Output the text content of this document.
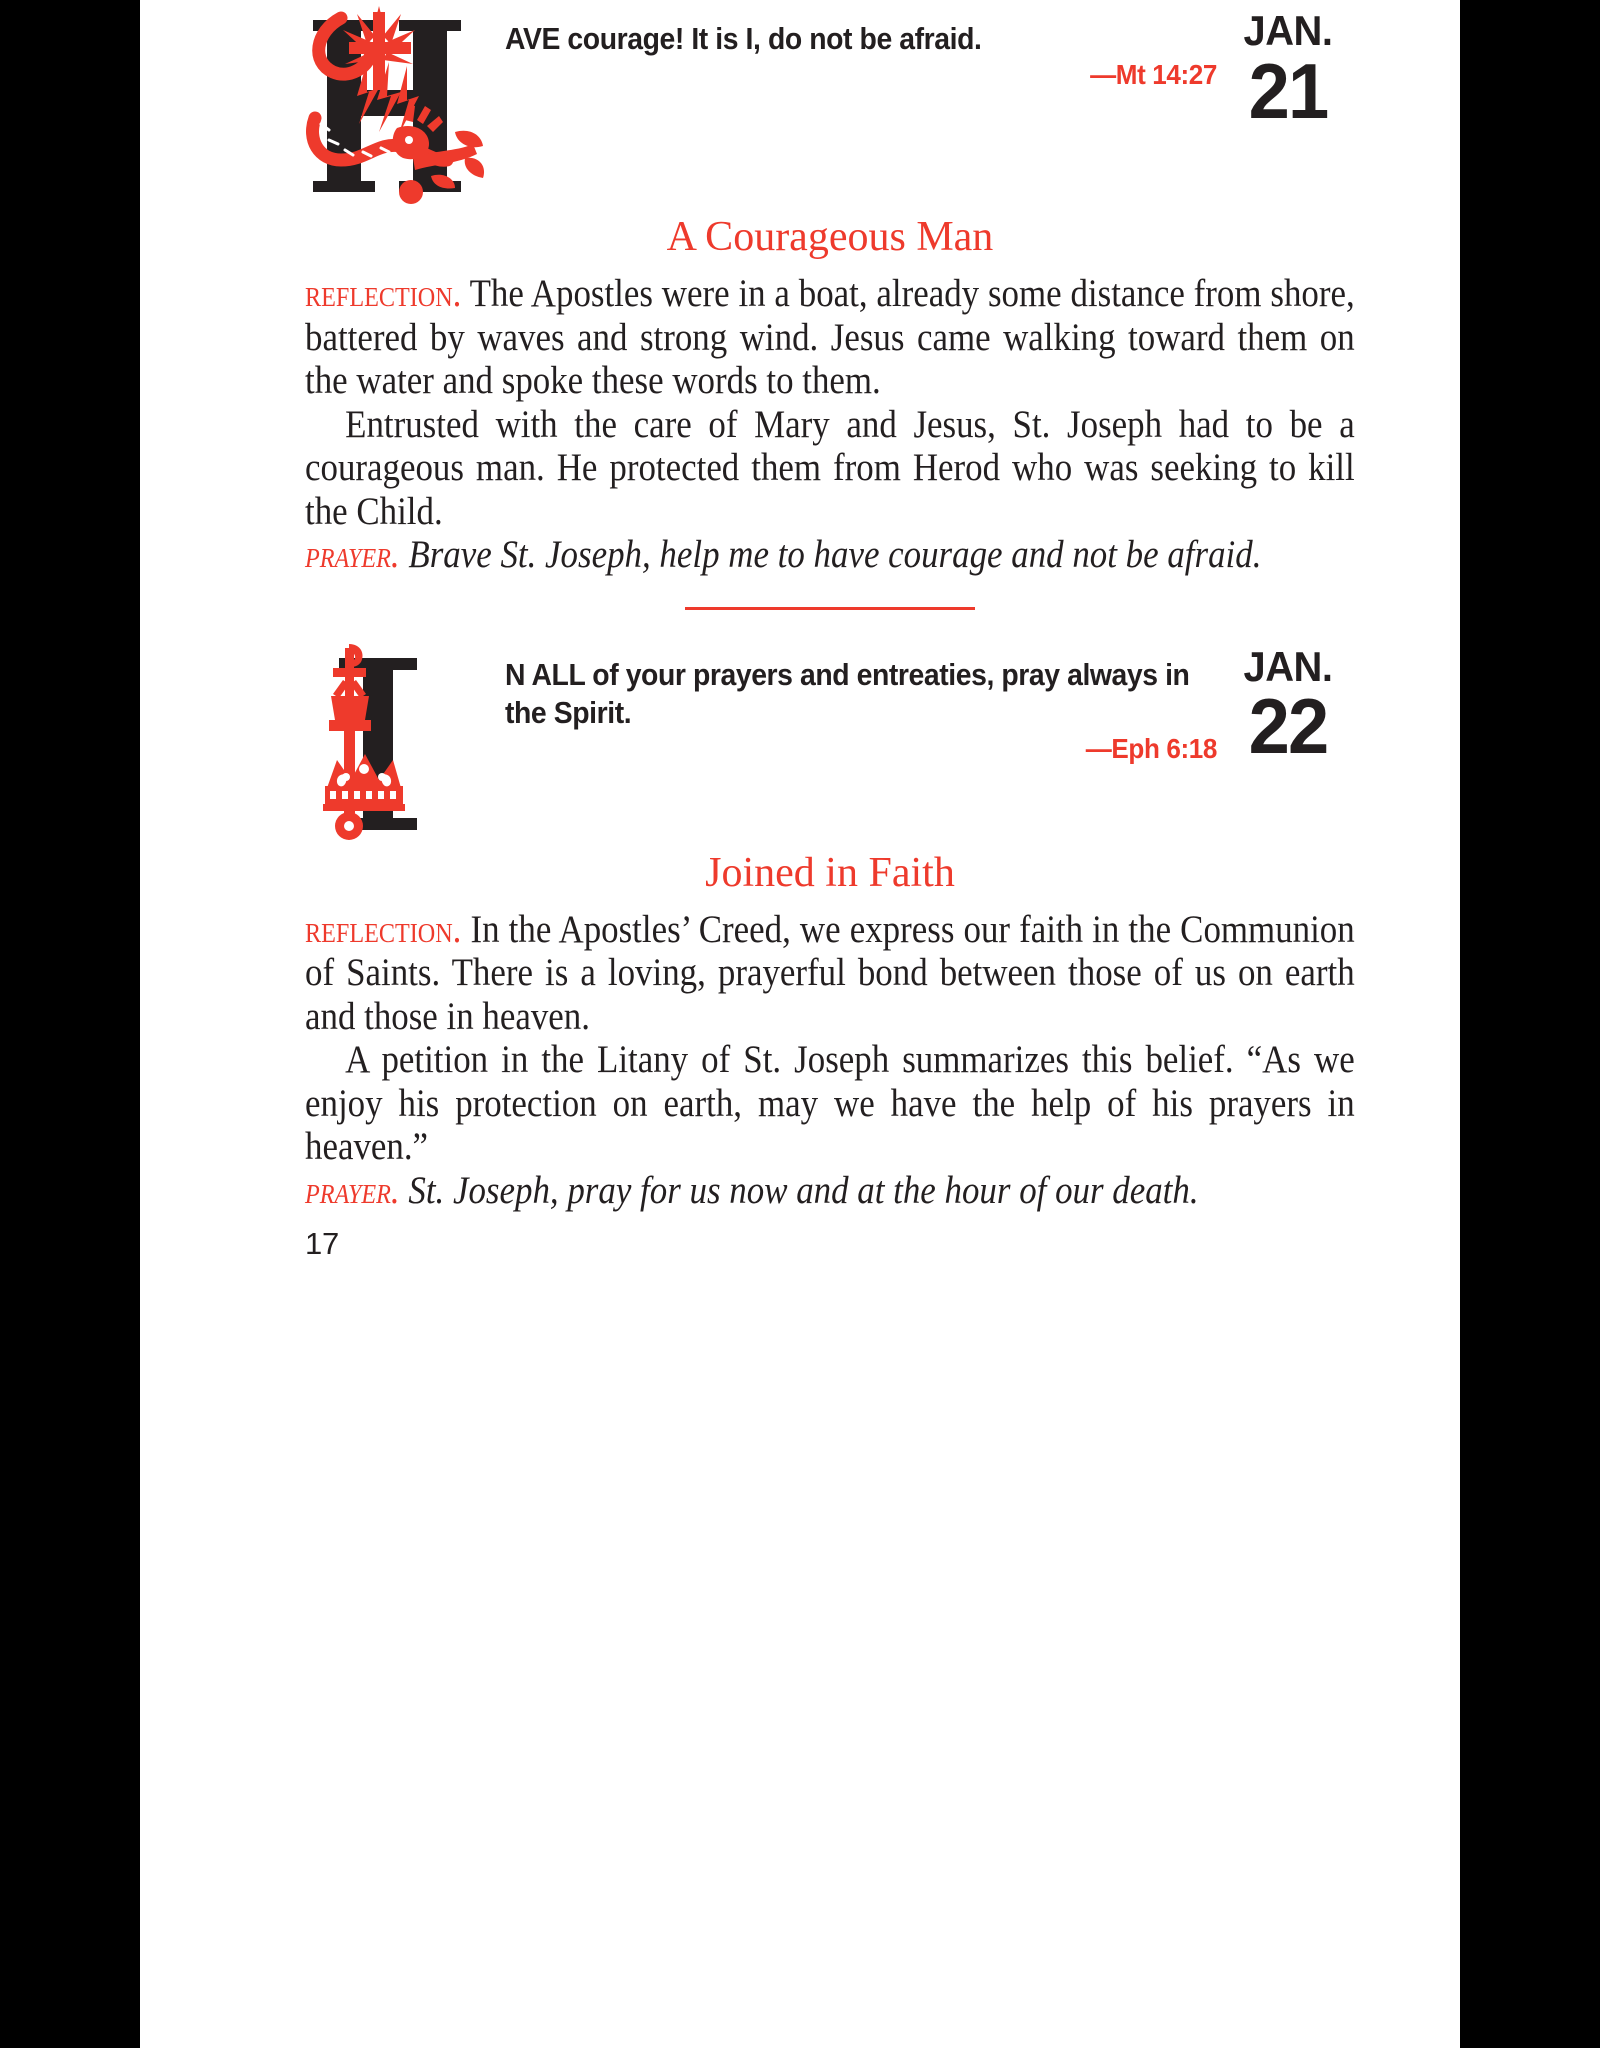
AVE courage! It is I, do not be afraid.
—Mt 14:27
JAN.
21
A Courageous Man

reflection. The Apostles were in a boat, already some distance from shore, battered by waves and strong wind. Jesus came walking toward them on the water and spoke these words to them.

Entrusted with the care of Mary and Jesus, St. Joseph had to be a courageous man. He protected them from Herod who was seeking to kill the Child.

prayer. Brave St. Joseph, help me to have courage and not be afraid.

N ALL of your prayers and entreaties, pray always in the Spirit.
—Eph 6:18
JAN.
22
Joined in Faith

reflection. In the Apostles’ Creed, we express our faith in the Communion of Saints. There is a loving, prayerful bond between those of us on earth and those in heaven.

A petition in the Litany of St. Joseph summarizes this belief. “As we enjoy his protection on earth, may we have the help of his prayers in heaven.”

prayer. St. Joseph, pray for us now and at the hour of our death.

17
